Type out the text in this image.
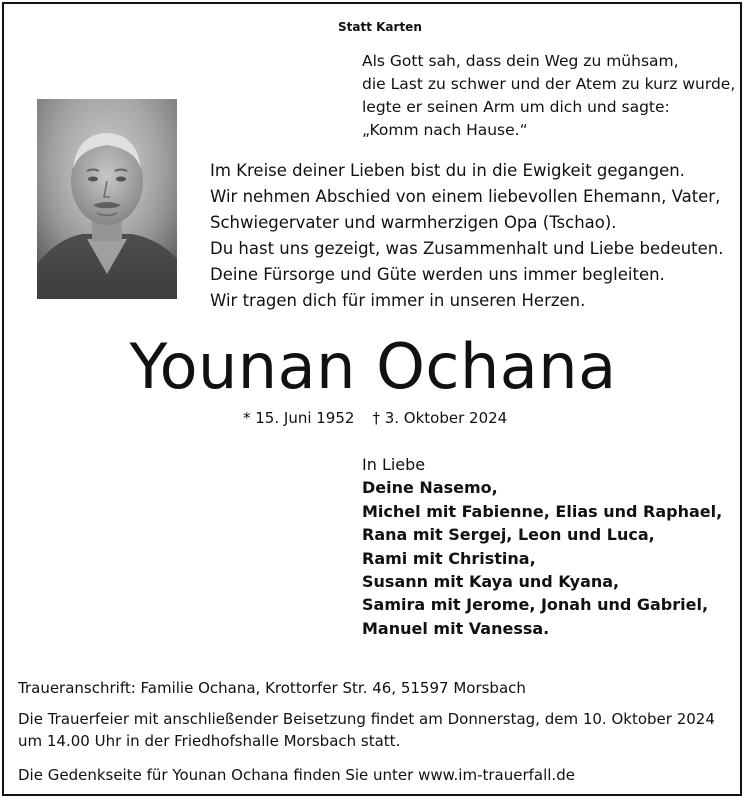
Statt Karten
Als Gott sah, dass dein Weg zu mühsam,
die Last zu schwer und der Atem zu kurz wurde,
legte er seinen Arm um dich und sagte:
„Komm nach Hause.“
Im Kreise deiner Lieben bist du in die Ewigkeit gegangen.
Wir nehmen Abschied von einem liebevollen Ehemann, Vater,
Schwiegervater und warmherzigen Opa (Tschao).
Du hast uns gezeigt, was Zusammenhalt und Liebe bedeuten.
Deine Fürsorge und Güte werden uns immer begleiten.
Wir tragen dich für immer in unseren Herzen.
Younan Ochana
* 15. Juni 1952 † 3. Oktober 2024
In Liebe
Deine Nasemo,
Michel mit Fabienne, Elias und Raphael,
Rana mit Sergej, Leon und Luca,
Rami mit Christina,
Susann mit Kaya und Kyana,
Samira mit Jerome, Jonah und Gabriel,
Manuel mit Vanessa.
Traueranschrift: Familie Ochana, Krottorfer Str. 46, 51597 Morsbach
Die Trauerfeier mit anschließender Beisetzung findet am Donnerstag, dem 10. Oktober 2024
um 14.00 Uhr in der Friedhofshalle Morsbach statt.
Die Gedenkseite für Younan Ochana finden Sie unter www.im-trauerfall.de
